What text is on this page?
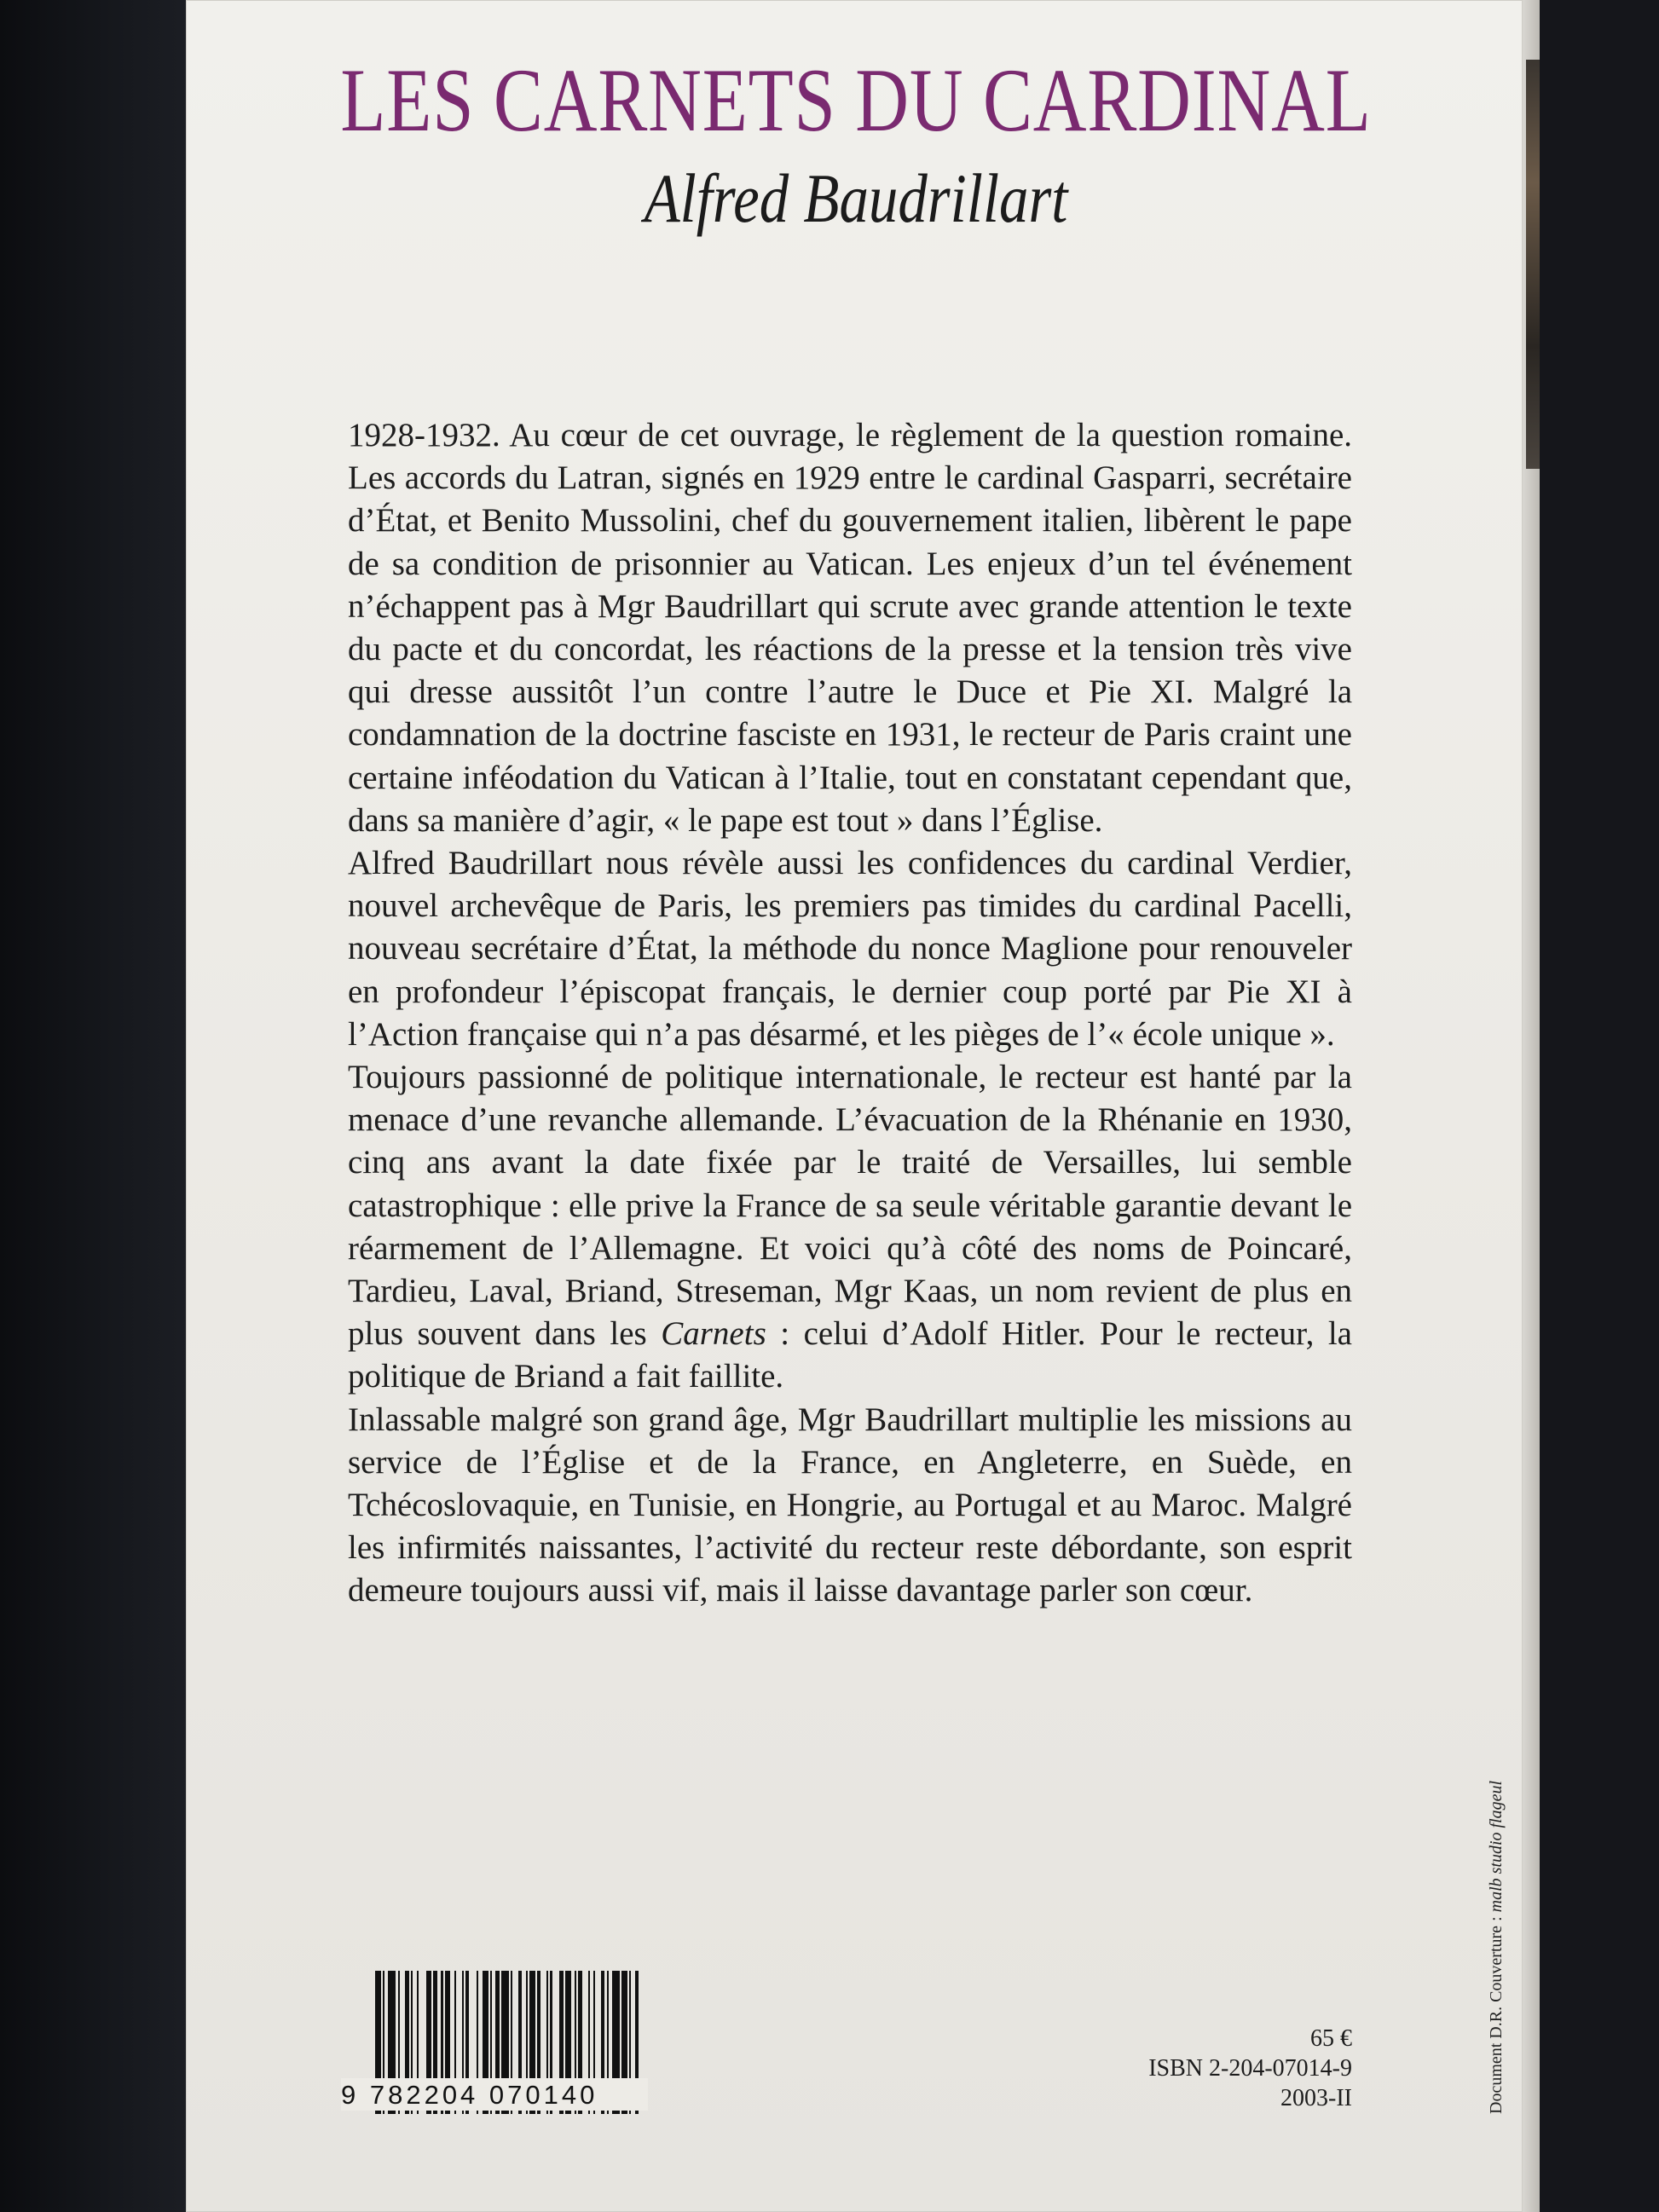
LES CARNETS DU CARDINAL
Alfred Baudrillart

1928-1932. Au cœur de cet ouvrage, le règlement de la question romaine. Les accords du Latran, signés en 1929 entre le cardinal Gasparri, secrétaire d’État, et Benito Mussolini, chef du gouvernement italien, libèrent le pape de sa condition de prisonnier au Vatican. Les enjeux d’un tel événement n’échappent pas à Mgr Baudrillart qui scrute avec grande attention le texte du pacte et du concordat, les réactions de la presse et la tension très vive qui dresse aussitôt l’un contre l’autre le Duce et Pie XI. Malgré la condamnation de la doctrine fasciste en 1931, le recteur de Paris craint une certaine inféodation du Vatican à l’Italie, tout en constatant cependant que, dans sa manière d’agir, « le pape est tout » dans l’Église.

Alfred Baudrillart nous révèle aussi les confidences du cardinal Verdier, nouvel archevêque de Paris, les premiers pas timides du cardinal Pacelli, nouveau secrétaire d’État, la méthode du nonce Maglione pour renouveler en profondeur l’épiscopat français, le dernier coup porté par Pie XI à l’Action française qui n’a pas désarmé, et les pièges de l’« école unique ».

Toujours passionné de politique internationale, le recteur est hanté par la menace d’une revanche allemande. L’évacuation de la Rhénanie en 1930, cinq ans avant la date fixée par le traité de Versailles, lui semble catastrophique : elle prive la France de sa seule véritable garantie devant le réarmement de l’Allemagne. Et voici qu’à côté des noms de Poincaré, Tardieu, Laval, Briand, Streseman, Mgr Kaas, un nom revient de plus en plus souvent dans les Carnets : celui d’Adolf Hitler. Pour le recteur, la politique de Briand a fait faillite.

Inlassable malgré son grand âge, Mgr Baudrillart multiplie les missions au service de l’Église et de la France, en Angleterre, en Suède, en Tchécoslovaquie, en Tunisie, en Hongrie, au Portugal et au Maroc. Malgré les infirmités naissantes, l’activité du recteur reste débordante, son esprit demeure toujours aussi vif, mais il laisse davantage parler son cœur.

Document D.R. Couverture : malb studio flageul
9 782204 070140
65 €
ISBN 2-204-07014-9
2003-II
